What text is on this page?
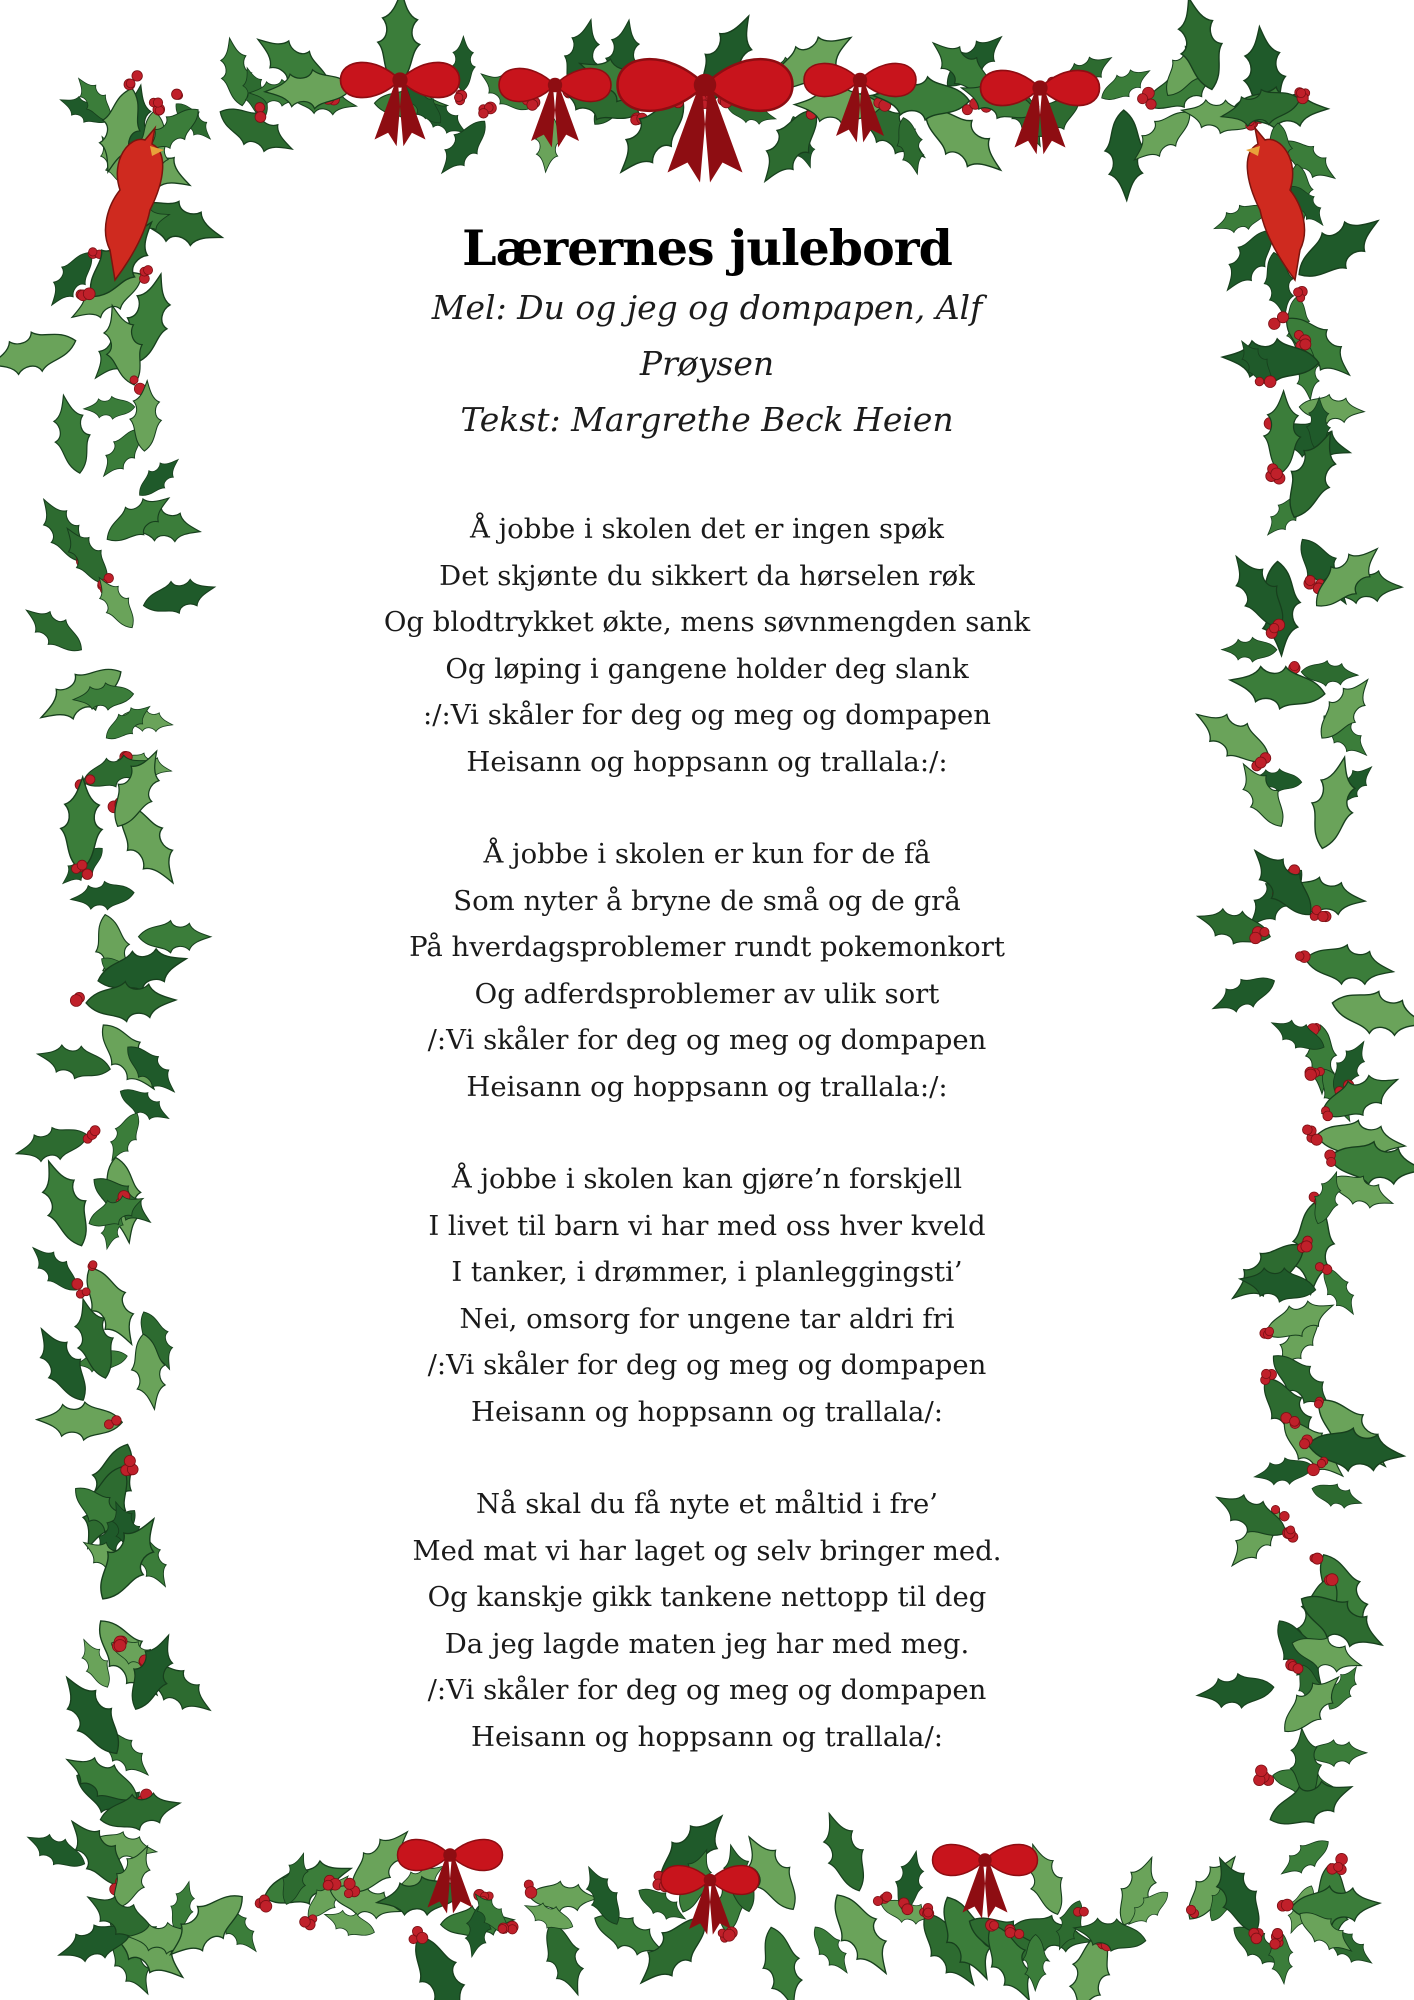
Lærernes julebord

Mel: Du og jeg og dompapen, Alf Prøysen

Tekst: Margrethe Beck Heien

Å jobbe i skolen det er ingen spøk
Det skjønte du sikkert da hørselen røk
Og blodtrykket økte, mens søvnmengden sank
Og løping i gangene holder deg slank
:/:Vi skåler for deg og meg og dompapen
Heisann og hoppsann og trallala:/:
Å jobbe i skolen er kun for de få
Som nyter å bryne de små og de grå
På hverdagsproblemer rundt pokemonkort
Og adferdsproblemer av ulik sort
/:Vi skåler for deg og meg og dompapen
Heisann og hoppsann og trallala:/:
Å jobbe i skolen kan gjøre’n forskjell
I livet til barn vi har med oss hver kveld
I tanker, i drømmer, i planleggingsti’
Nei, omsorg for ungene tar aldri fri
/:Vi skåler for deg og meg og dompapen
Heisann og hoppsann og trallala/:
Nå skal du få nyte et måltid i fre’
Med mat vi har laget og selv bringer med.
Og kanskje gikk tankene nettopp til deg
Da jeg lagde maten jeg har med meg.
/:Vi skåler for deg og meg og dompapen
Heisann og hoppsann og trallala/:
